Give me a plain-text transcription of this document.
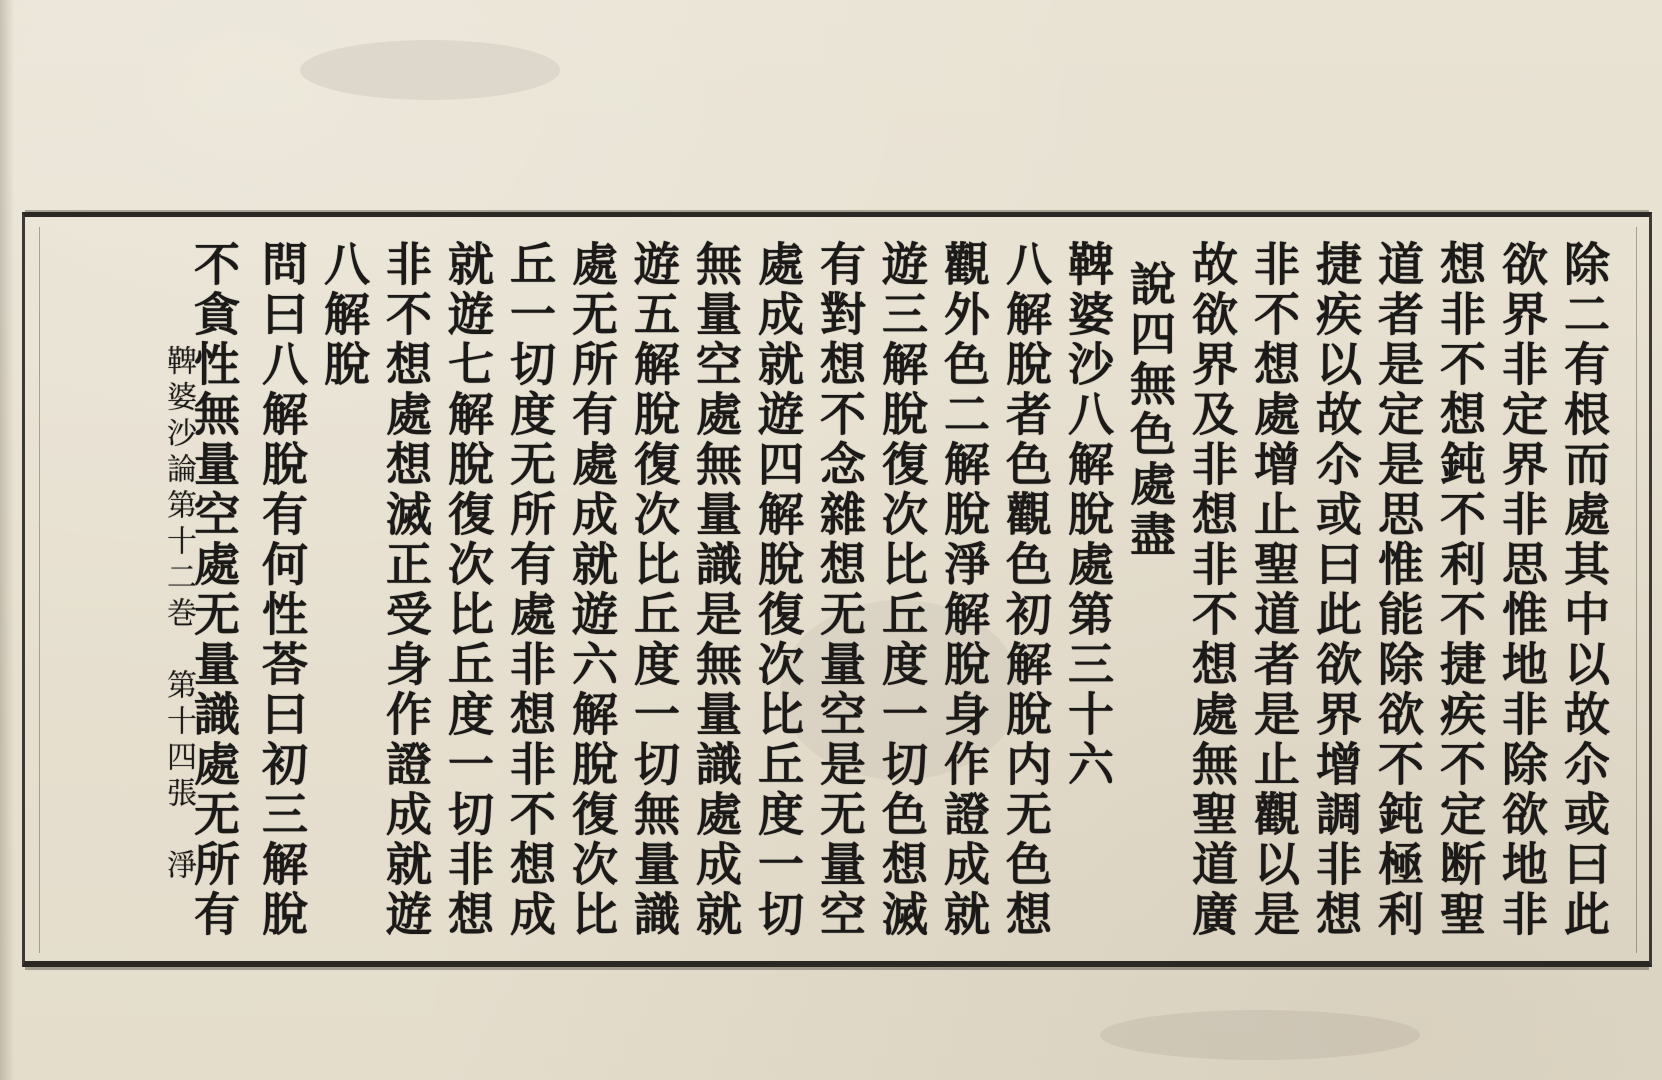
除二有根而處其中以故尒或曰此
欲界非定界非思惟地非除欲地非
想非不想鈍不利不捷疾不定断聖
道者是定是思惟能除欲不鈍極利
捷疾以故尒或曰此欲界增調非想
非不想處增止聖道者是止觀以是
故欲界及非想非不想處無聖道廣
說四無色處盡
鞞婆沙八解脫處第三十六
八解脫者色觀色初解脫内无色想
觀外色二解脫淨解脫身作證成就
遊三解脫復次比丘度一切色想滅
有對想不念雜想无量空是无量空
處成就遊四解脫復次比丘度一切
無量空處無量識是無量識處成就
遊五解脫復次比丘度一切無量識
處无所有處成就遊六解脫復次比
丘一切度无所有處非想非不想成
就遊七解脫復次比丘度一切非想
非不想處想滅正受身作證成就遊
八解脫
問曰八解脫有何性荅曰初三解脫
不貪性無量空處无量識處无所有
鞞婆沙論第十二巻　第十四張　淨
